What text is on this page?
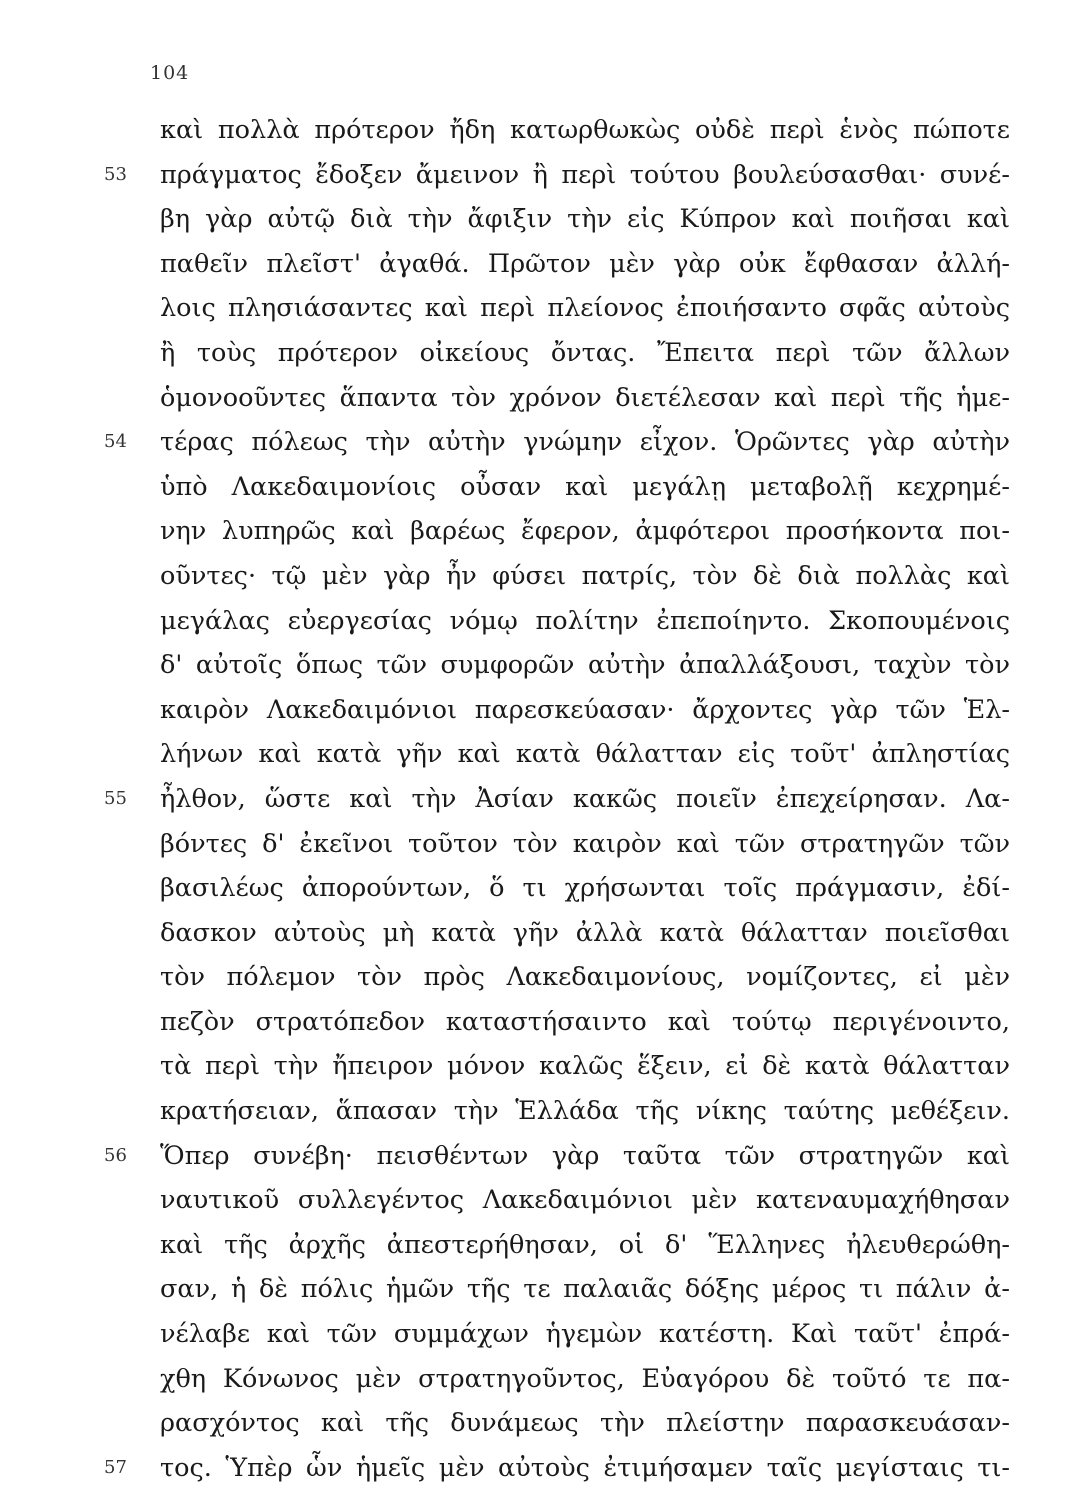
104
καὶ πολλὰ πρότερον ἤδη κατωρθωκὼς οὐδὲ περὶ ἑνὸς πώποτε
53	πράγματος ἔδοξεν ἄμεινον ἢ περὶ τούτου βουλεύσασθαι· συνέ-
βη γὰρ αὐτῷ διὰ τὴν ἄφιξιν τὴν εἰς Κύπρον καὶ ποιῆσαι καὶ
παθεῖν πλεῖστ' ἀγαθά. Πρῶτον μὲν γὰρ οὐκ ἔφθασαν ἀλλή-
λοις πλησιάσαντες καὶ περὶ πλείονος ἐποιήσαντο σφᾶς αὐτοὺς
ἢ τοὺς πρότερον οἰκείους ὄντας. Ἔπειτα περὶ τῶν ἄλλων
ὁμονοοῦντες ἅπαντα τὸν χρόνον διετέλεσαν καὶ περὶ τῆς ἡμε-
54	τέρας πόλεως τὴν αὐτὴν γνώμην εἶχον. Ὁρῶντες γὰρ αὐτὴν
ὑπὸ Λακεδαιμονίοις οὖσαν καὶ μεγάλῃ μεταβολῇ κεχρημέ-
νην λυπηρῶς καὶ βαρέως ἔφερον, ἀμφότεροι προσήκοντα ποι-
οῦντες· τῷ μὲν γὰρ ἦν φύσει πατρίς, τὸν δὲ διὰ πολλὰς καὶ
μεγάλας εὐεργεσίας νόμῳ πολίτην ἐπεποίηντο. Σκοπουμένοις
δ' αὐτοῖς ὅπως τῶν συμφορῶν αὐτὴν ἀπαλλάξουσι, ταχὺν τὸν
καιρὸν Λακεδαιμόνιοι παρεσκεύασαν· ἄρχοντες γὰρ τῶν Ἑλ-
λήνων καὶ κατὰ γῆν καὶ κατὰ θάλατταν εἰς τοῦτ' ἀπληστίας
55	ἦλθον, ὥστε καὶ τὴν Ἀσίαν κακῶς ποιεῖν ἐπεχείρησαν. Λα-
βόντες δ' ἐκεῖνοι τοῦτον τὸν καιρὸν καὶ τῶν στρατηγῶν τῶν
βασιλέως ἀπορούντων, ὅ τι χρήσωνται τοῖς πράγμασιν, ἐδί-
δασκον αὐτοὺς μὴ κατὰ γῆν ἀλλὰ κατὰ θάλατταν ποιεῖσθαι
τὸν πόλεμον τὸν πρὸς Λακεδαιμονίους, νομίζοντες, εἰ μὲν
πεζὸν στρατόπεδον καταστήσαιντο καὶ τούτῳ περιγένοιντο,
τὰ περὶ τὴν ἤπειρον μόνον καλῶς ἕξειν, εἰ δὲ κατὰ θάλατταν
κρατήσειαν, ἅπασαν τὴν Ἑλλάδα τῆς νίκης ταύτης μεθέξειν.
56	Ὅπερ συνέβη· πεισθέντων γὰρ ταῦτα τῶν στρατηγῶν καὶ
ναυτικοῦ συλλεγέντος Λακεδαιμόνιοι μὲν κατεναυμαχήθησαν
καὶ τῆς ἀρχῆς ἀπεστερήθησαν, οἱ δ' Ἕλληνες ἠλευθερώθη-
σαν, ἡ δὲ πόλις ἡμῶν τῆς τε παλαιᾶς δόξης μέρος τι πάλιν ἀ-
νέλαβε καὶ τῶν συμμάχων ἡγεμὼν κατέστη. Καὶ ταῦτ' ἐπρά-
χθη Κόνωνος μὲν στρατηγοῦντος, Εὐαγόρου δὲ τοῦτό τε πα-
ρασχόντος καὶ τῆς δυνάμεως τὴν πλείστην παρασκευάσαν-
57	τος. Ὑπὲρ ὧν ἡμεῖς μὲν αὐτοὺς ἐτιμήσαμεν ταῖς μεγίσταις τι-
